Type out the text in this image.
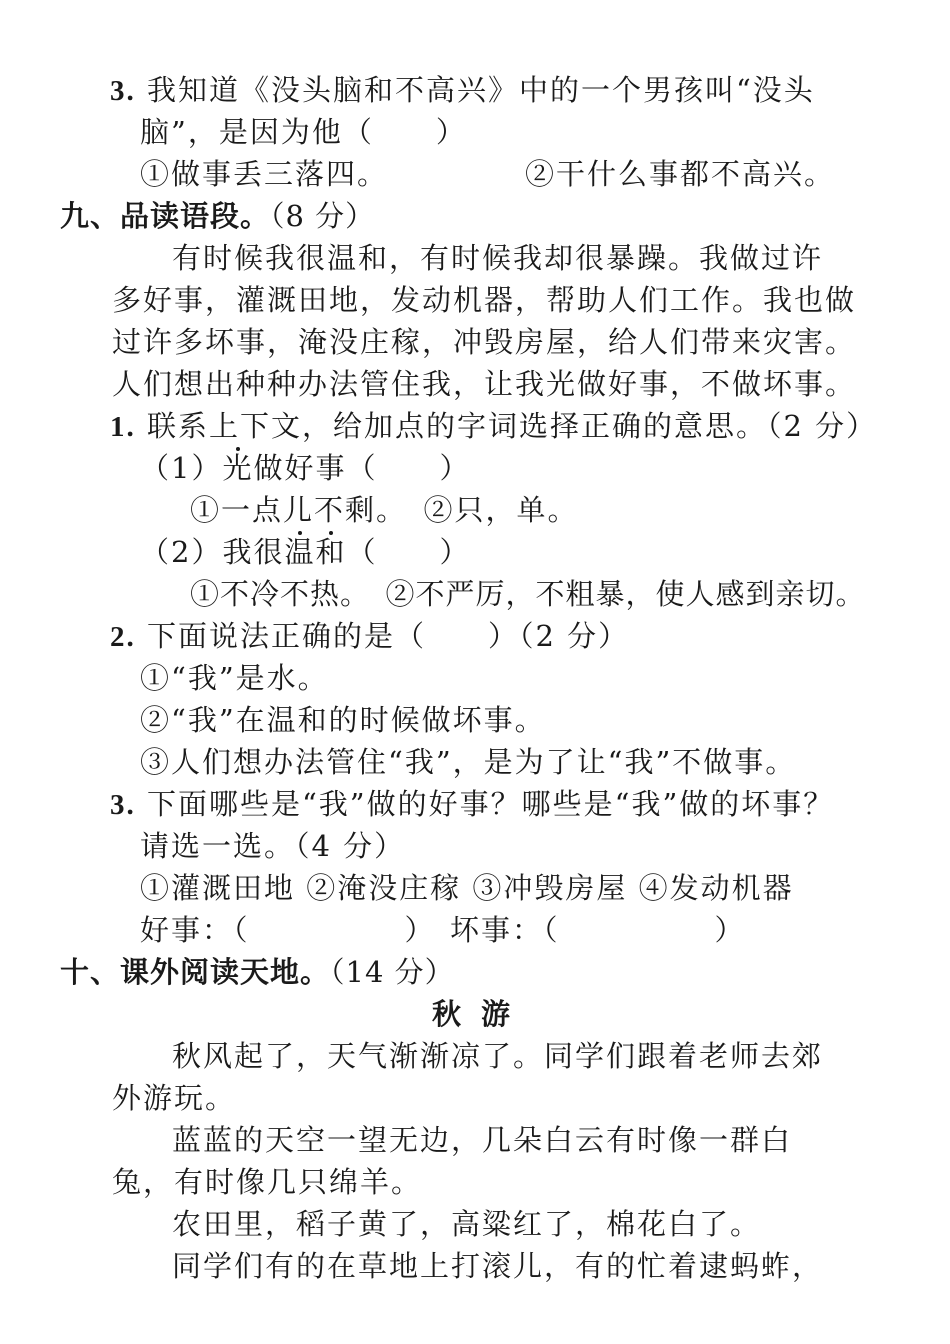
3. 我知道《没头脑和不高兴》中的一个男孩叫“没头
脑”，是因为他（　　）
①做事丢三落四。	②干什么事都不高兴。
九、品读语段。（8 分）
有时候我很温和，有时候我却很暴躁。我做过许
多好事，灌溉田地，发动机器，帮助人们工作。我也做
过许多坏事，淹没庄稼，冲毁房屋，给人们带来灾害。
人们想出种种办法管住我，让我光做好事，不做坏事。
1. 联系上下文，给加点的字词选择正确的意思。（2 分）
（1）光做好事（　　）
①一点儿不剩。　②只，单。
（2）我很温和（　　）
①不冷不热。　②不严厉，不粗暴，使人感到亲切。
2. 下面说法正确的是（　　）（2 分）
①“我”是水。
②“我”在温和的时候做坏事。
③人们想办法管住“我”，是为了让“我”不做事。
3. 下面哪些是“我”做的好事？哪些是“我”做的坏事？
请选一选。（4 分）
①灌溉田地 ②淹没庄稼 ③冲毁房屋 ④发动机器
好事：（　　　　　） 坏事：（　　　　　）
十、课外阅读天地。（14 分）
秋游
秋风起了，天气渐渐凉了。同学们跟着老师去郊
外游玩。
蓝蓝的天空一望无边，几朵白云有时像一群白
兔，有时像几只绵羊。
农田里，稻子黄了，高粱红了，棉花白了。
同学们有的在草地上打滚儿，有的忙着逮蚂蚱，
